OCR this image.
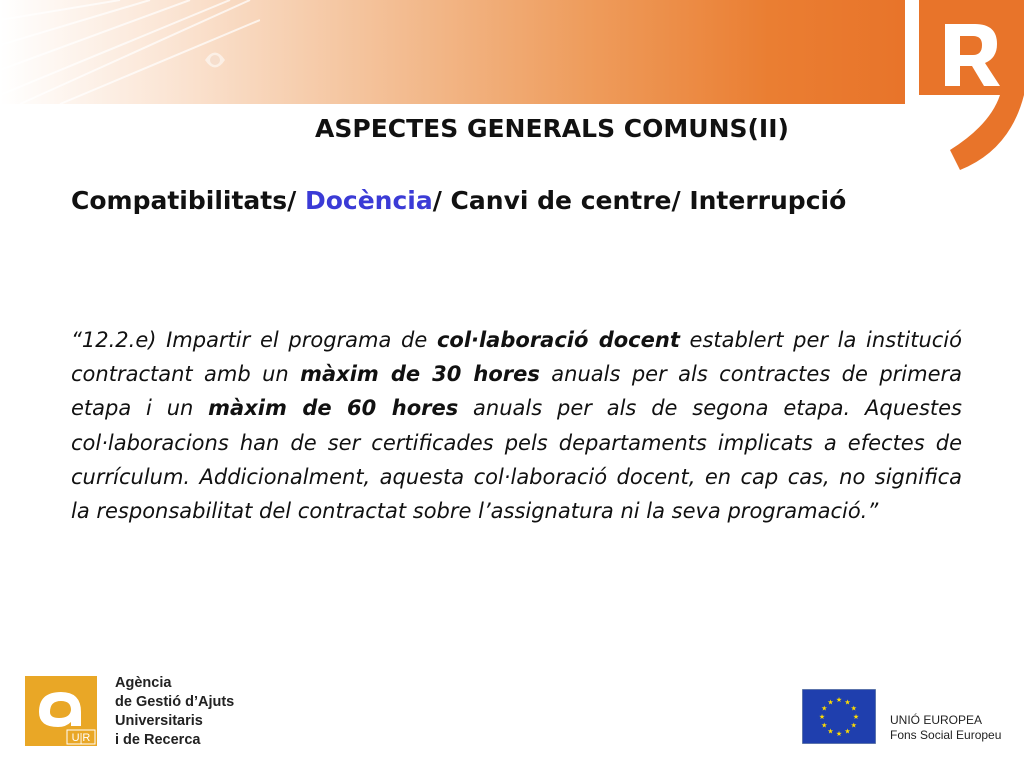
ASPECTES GENERALS COMUNS(II)
Compatibilitats/ Docència/ Canvi de centre/ Interrupció
“12.2.e) Impartir el programa de col·laboració docent establert per la institució contractant amb un màxim de 30 hores anuals per als contractes de primera etapa i un màxim de 60 hores anuals per als de segona etapa. Aquestes col·laboracions han de ser certificades pels departaments implicats a efectes de currículum. Addicionalment, aquesta col·laboració docent, en cap cas, no significa la responsabilitat del contractat sobre l’assignatura ni la seva programació.”
U|R
Agència
de Gestió d’Ajuts
Universitaris
i de Recerca
★
★
★
★
★
★
★
★
★ ★ ★
★
UNIÓ EUROPEA
Fons Social Europeu
